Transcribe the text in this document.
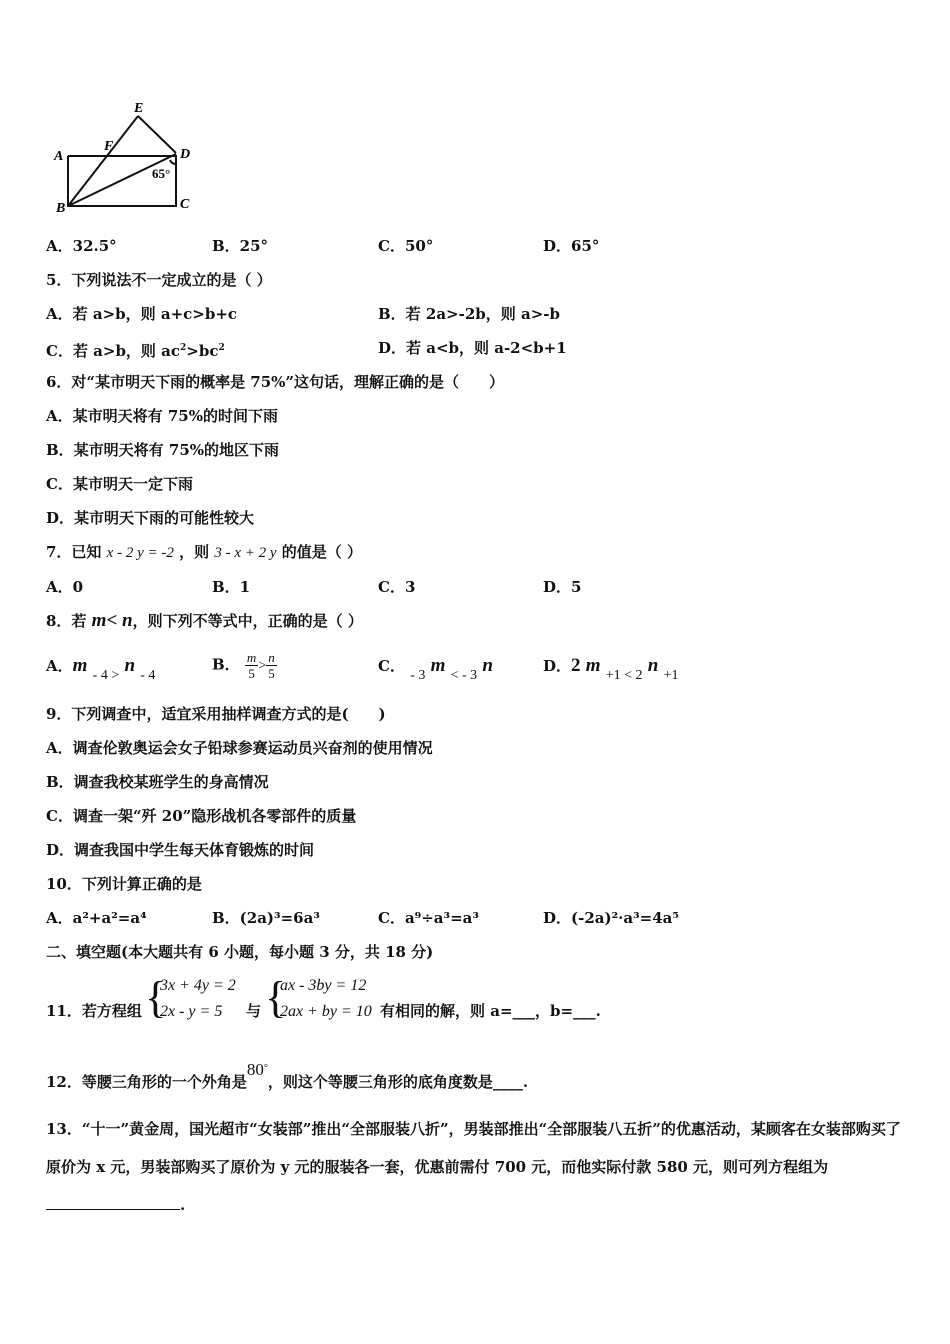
E
F
A	D
65°
B	C
A．32.5°	B．25°	C．50°	D．65°
5．下列说法不一定成立的是（ ）
A．若 a>b，则 a+c>b+c	B．若 2a>-2b，则 a>-b
C．若 a>b，则 $ac^2>bc^2$	D．若 a<b，则 a-2<b+1
6．对“某市明天下雨的概率是 75%”这句话，理解正确的是（　　）
A．某市明天将有 75%的时间下雨
B．某市明天将有 75%的地区下雨
C．某市明天一定下雨
D．某市明天下雨的可能性较大
7．已知 x - 2 y = -2 ，则 3 - x + 2 y 的值是（ ）
A．0	B．1	C．3	D．5
8．若 m< n，则下列不等式中，正确的是（ ）
A．m - 4 > n - 4
B． $\frac{m}{5} > \frac{n}{5}$	C． - 3 m < - 3 n	D．2 m +1 < 2 n +1
9．下列调查中，适宜采用抽样调查方式的是(　　)
A．调查伦敦奥运会女子铅球参赛运动员兴奋剂的使用情况
B．调查我校某班学生的身高情况
C．调查一架“歼 20”隐形战机各零部件的质量
D．调查我国中学生每天体育锻炼的时间
10．下列计算正确的是
A．a²+a²=a⁴	B．(2a)³=6a³	C．a⁹÷a³=a³	D．(-2a)²·a³=4a⁵
二、填空题(本大题共有 6 小题，每小题 3 分，共 18 分)
11．若方程组 {
3x + 4y = 2
2x - y = 5	与 {
ax - 3by = 12
2ax + by = 10 有相同的解，则 a=___，b=___.
12．等腰三角形的一个外角是80°，则这个等腰三角形的底角度数是____.
13．“十一”黄金周，国光超市“女装部”推出“全部服装八折”，男装部推出“全部服装八五折”的优惠活动，某顾客在女装部购买了原价为 x 元，男装部购买了原价为 y 元的服装各一套，优惠前需付 700 元，而他实际付款 580 元，则可列方程组为.
